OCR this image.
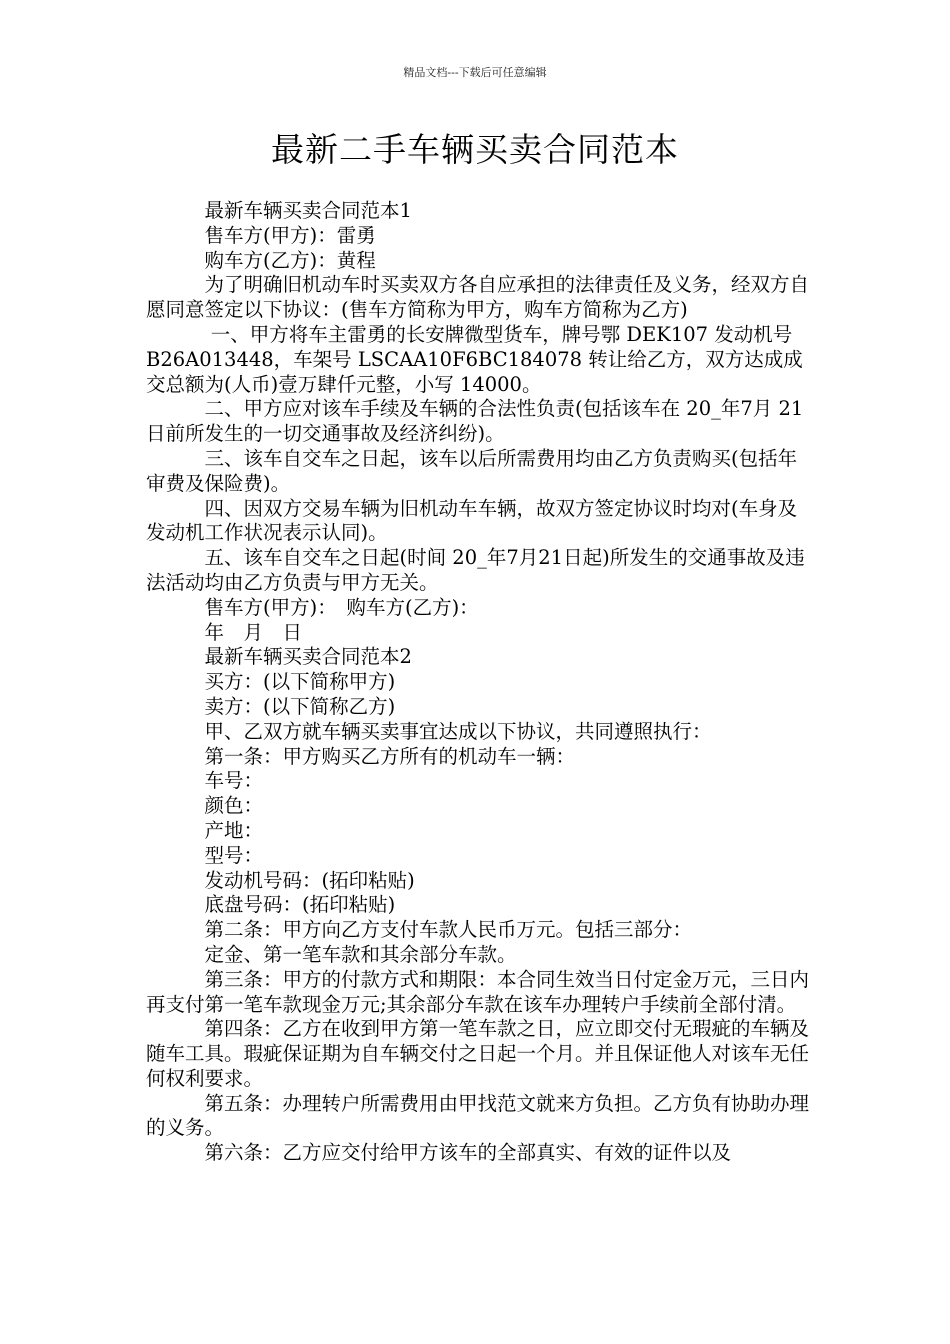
精品文档---下载后可任意编辑
最新二手车辆买卖合同范本

　　　最新车辆买卖合同范本1

　　　售车方(甲方)：雷勇

　　　购车方(乙方)：黄程

　　　为了明确旧机动车时买卖双方各自应承担的法律责任及义务，经双方自愿同意签定以下协议：(售车方简称为甲方，购车方简称为乙方)

　　　 一、甲方将车主雷勇的长安牌微型货车，牌号鄂 DEK107 发动机号 B26A013448，车架号 LSCAA10F6BC184078 转让给乙方，双方达成成交总额为(人币)壹万肆仟元整，小写 14000。

　　　二、甲方应对该车手续及车辆的合法性负责(包括该车在 20_年7月 21日前所发生的一切交通事故及经济纠纷)。

　　　三、该车自交车之日起，该车以后所需费用均由乙方负责购买(包括年审费及保险费)。

　　　四、因双方交易车辆为旧机动车车辆，故双方签定协议时均对(车身及发动机工作状况表示认同)。

　　　五、该车自交车之日起(时间 20_年7月21日起)所发生的交通事故及违法活动均由乙方负责与甲方无关。

　　　售车方(甲方)：　购车方(乙方)：

　　　年　月　日

　　　最新车辆买卖合同范本2

　　　买方：(以下简称甲方)

　　　卖方：(以下简称乙方)

　　　甲、乙双方就车辆买卖事宜达成以下协议，共同遵照执行：

　　　第一条：甲方购买乙方所有的机动车一辆：

　　　车号：

　　　颜色：

　　　产地：

　　　型号：

　　　发动机号码：(拓印粘贴)

　　　底盘号码：(拓印粘贴)

　　　第二条：甲方向乙方支付车款人民币万元。包括三部分：

　　　定金、第一笔车款和其余部分车款。

　　　第三条：甲方的付款方式和期限：本合同生效当日付定金万元，三日内再支付第一笔车款现金万元;其余部分车款在该车办理转户手续前全部付清。

　　　第四条：乙方在收到甲方第一笔车款之日，应立即交付无瑕疵的车辆及随车工具。瑕疵保证期为自车辆交付之日起一个月。并且保证他人对该车无任何权利要求。

　　　第五条：办理转户所需费用由甲找范文就来方负担。乙方负有协助办理的义务。

　　　第六条：乙方应交付给甲方该车的全部真实、有效的证件以及
